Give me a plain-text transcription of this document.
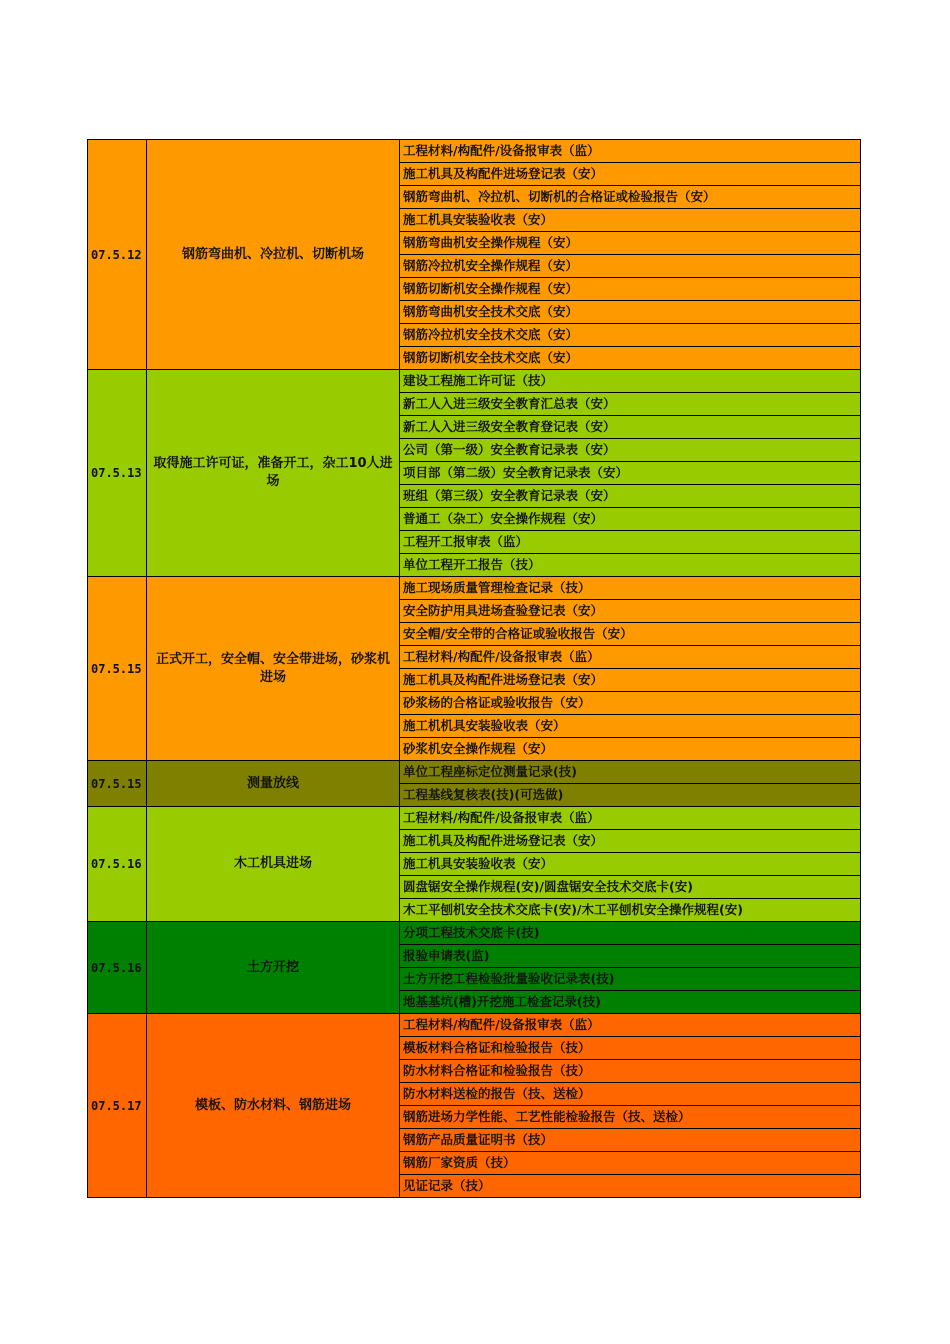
07.5.12	钢筋弯曲机、冷拉机、切断机场	工程材料/构配件/设备报审表（监）
		施工机具及构配件进场登记表（安）
		钢筋弯曲机、冷拉机、切断机的合格证或检验报告（安）
		施工机具安装验收表（安）
		钢筋弯曲机安全操作规程（安）
		钢筋冷拉机安全操作规程（安）
		钢筋切断机安全操作规程（安）
		钢筋弯曲机安全技术交底（安）
		钢筋冷拉机安全技术交底（安）
		钢筋切断机安全技术交底（安）
07.5.13	取得施工许可证，准备开工，杂工10人进场	建设工程施工许可证（技）
		新工人入进三级安全教育汇总表（安）
		新工人入进三级安全教育登记表（安）
		公司（第一级）安全教育记录表（安）
		项目部（第二级）安全教育记录表（安）
		班组（第三级）安全教育记录表（安）
		普通工（杂工）安全操作规程（安）
		工程开工报审表（监）
		单位工程开工报告（技）
07.5.15	正式开工，安全帽、安全带进场，砂浆机进场	施工现场质量管理检查记录（技）
		安全防护用具进场查验登记表（安）
		安全帽/安全带的合格证或验收报告（安）
		工程材料/构配件/设备报审表（监）
		施工机具及构配件进场登记表（安）
		砂浆杨的合格证或验收报告（安）
		施工机机具安装验收表（安）
		砂浆机安全操作规程（安）
07.5.15	测量放线	单位工程座标定位测量记录(技)
		工程基线复核表(技)(可选做)
07.5.16	木工机具进场	工程材料/构配件/设备报审表（监）
		施工机具及构配件进场登记表（安）
		施工机具安装验收表（安）
		圆盘锯安全操作规程(安)/圆盘锯安全技术交底卡(安)
		木工平刨机安全技术交底卡(安)/木工平刨机安全操作规程(安)
07.5.16	土方开挖	分项工程技术交底卡(技)
		报验申请表(监)
		土方开挖工程检验批量验收记录表(技)
		地基基坑(槽)开挖施工检查记录(技)
07.5.17	模板、防水材料、钢筋进场	工程材料/构配件/设备报审表（监）
		模板材料合格证和检验报告（技）
		防水材料合格证和检验报告（技）
		防水材料送检的报告（技、送检）
		钢筋进场力学性能、工艺性能检验报告（技、送检）
		钢筋产品质量证明书（技）
		钢筋厂家资质（技）
		见证记录（技）
